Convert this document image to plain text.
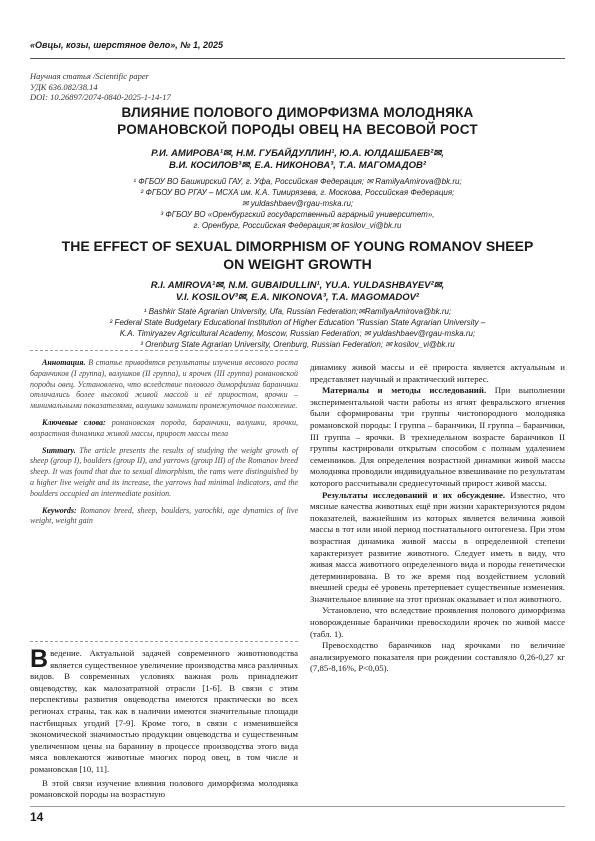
«Овцы, козы, шерстяное дело», № 1, 2025
Научная статья /Scientific paper
УДК 636.082/38.14
DOI: 10.26897/2074-0840-2025-1-14-17
ВЛИЯНИЕ ПОЛОВОГО ДИМОРФИЗМА МОЛОДНЯКА
РОМАНОВСКОЙ ПОРОДЫ ОВЕЦ НА ВЕСОВОЙ РОСТ
Р.И. АМИРОВА¹✉, Н.М. ГУБАЙДУЛЛИН¹, Ю.А. ЮЛДАШБАЕВ²✉,
В.И. КОСИЛОВ³✉, Е.А. НИКОНОВА³, Т.А. МАГОМАДОВ²
¹ ФГБОУ ВО Башкирский ГАУ, г. Уфа, Российская Федерация; ✉ RamilyaAmirova@bk.ru;
² ФГБОУ ВО РГАУ – МСХА им. К.А. Тимирязева, г. Москова, Российская Федерация;
✉ yuldashbaev@rgau-mska.ru;
³ ФГБОУ ВО «Оренбургский государственный аграрный университет»,
г. Оренбург, Российская Федерация;✉ kosilov_vi@bk.ru
THE EFFECT OF SEXUAL DIMORPHISM OF YOUNG ROMANOV SHEEP
ON WEIGHT GROWTH
R.I. AMIROVA¹✉, N.M. GUBAIDULLIN¹, YU.A. YULDASHBAYEV²✉,
V.I. KOSILOV³✉, E.A. NIKONOVA³, T.A. MAGOMADOV²
¹ Bashkir State Agrarian University, Ufa, Russian Federation;✉RamilyaAmirova@bk.ru;
² Federal State Budgetary Educational Institution of Higher Education "Russian State Agrarian University –
K.A. Timiryazev Agricultural Academy, Moscow, Russian Federation; ✉ yuldashbaev@rgau-mska.ru;
³ Orenburg State Agrarian University, Orenburg, Russian Federation; ✉ kosilov_vi@bk.ru

Аннотация. В статье приводятся результаты изучения весового роста баранчиков (I группа), валушков (II группа), и ярочек (III группа) романовской породы овец. Установлено, что вследствие полового диморфизма баранчики отличались более высокой живой массой и её приростом, ярочки – минимальными показателями, валушки занимали промежуточное положение.

Ключевые слова: романовская порода, баранчики, валушки, ярочки, возрастная динамика живой массы, прирост массы тела

Summary. The article presents the results of studying the weight growth of sheep (group I), boulders (group II), and yarrows (group III) of the Romanov breed sheep. It was found that due to sexual dimorphism, the rams were distinguished by a higher live weight and its increase, the yarrows had minimal indicators, and the boulders occupied an intermediate position.

Keywords: Romanov breed, sheep, boulders, yarochki, age dynamics of live weight, weight gain

Введение. Актуальной задачей современного животноводства является существенное увеличение производства мяса различных видов. В современных условиях важная роль принадлежит овцеводству, как малозатратной отрасли [1-6]. В связи с этим перспективы развития овцеводства имеются практически во всех регионах страны, так как в наличии имеются значительные площади пастбищных угодий [7-9]. Кроме того, в связи с изменившейся экономической значимостью продукции овцеводства и существенным увеличенном цены на баранину в процессе производства этого вида мяса вовлекаются животные многих пород овец, в том числе и романовская [10, 11].

В этой связи изучение влияния полового диморфизма молодняка романовской породы на возрастную

динамику живой массы и её прироста является актуальным и представляет научный и практический интерес.

Материалы и методы исследований. При выполнении экспериментальной части работы из ягнят февральского ягнения были сформированы три группы чистопородного молодняка романовской породы: I группа – баранчики, II группа – баранчики, III группа – ярочки. В трехнедельном возрасте баранчиков II группы кастрировали открытым способом с полным удалением семенников. Для определения возрастной динамики живой массы молодняка проводили индивидуальное взвешивание по результатам которого рассчитывали среднесуточный прирост живой массы.

Результаты исследований и их обсуждение. Известно, что мясные качества животных ещё при жизни характеризуются рядом показателей, важнейшим из которых является величина живой массы в тот или иной период постнатального онтогенеза. При этом возрастная динамика живой массы в определенной степени характеризует развитие животного. Следует иметь в виду, что живая масса животного определенного вида и породы генетически детерминирована. В то же время под воздействием условий внешней среды её уровень претерпевает существенные изменения. Значительное влияние на этот признак оказывает и пол животного.

Установлено, что вследствие проявления полового диморфизма новорожденные баранчики превосходили ярочек по живой массе (табл. 1).

Превосходство баранчиков над ярочками по величине анализируемого показателя при рождении составляло 0,26-0,27 кг (7,85-8,16%, P<0,05).

14
